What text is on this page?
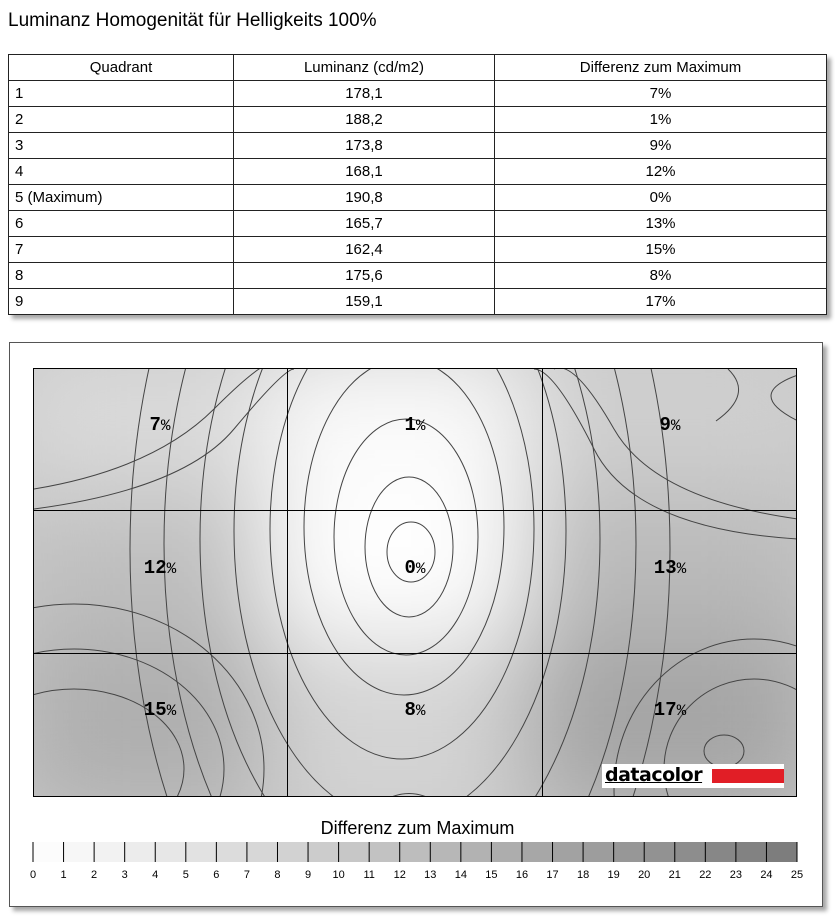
Luminanz Homogenität für Helligkeits 100%
Quadrant	Luminanz (cd/m2)	Differenz zum Maximum
1	178,1	7%
2	188,2	1%
3	173,8	9%
4	168,1	12%
5 (Maximum)	190,8	0%
6	165,7	13%
7	162,4	15%
8	175,6	8%
9	159,1	17%
7%	1%	9%
12%	0%	13%
15%	8%	17%
datacolor
Differenz zum Maximum
0 1 2 3 4 5 6 7 8 9 10 11 12 13 14 15 16 17 18 19 20 21 22 23 24 25
